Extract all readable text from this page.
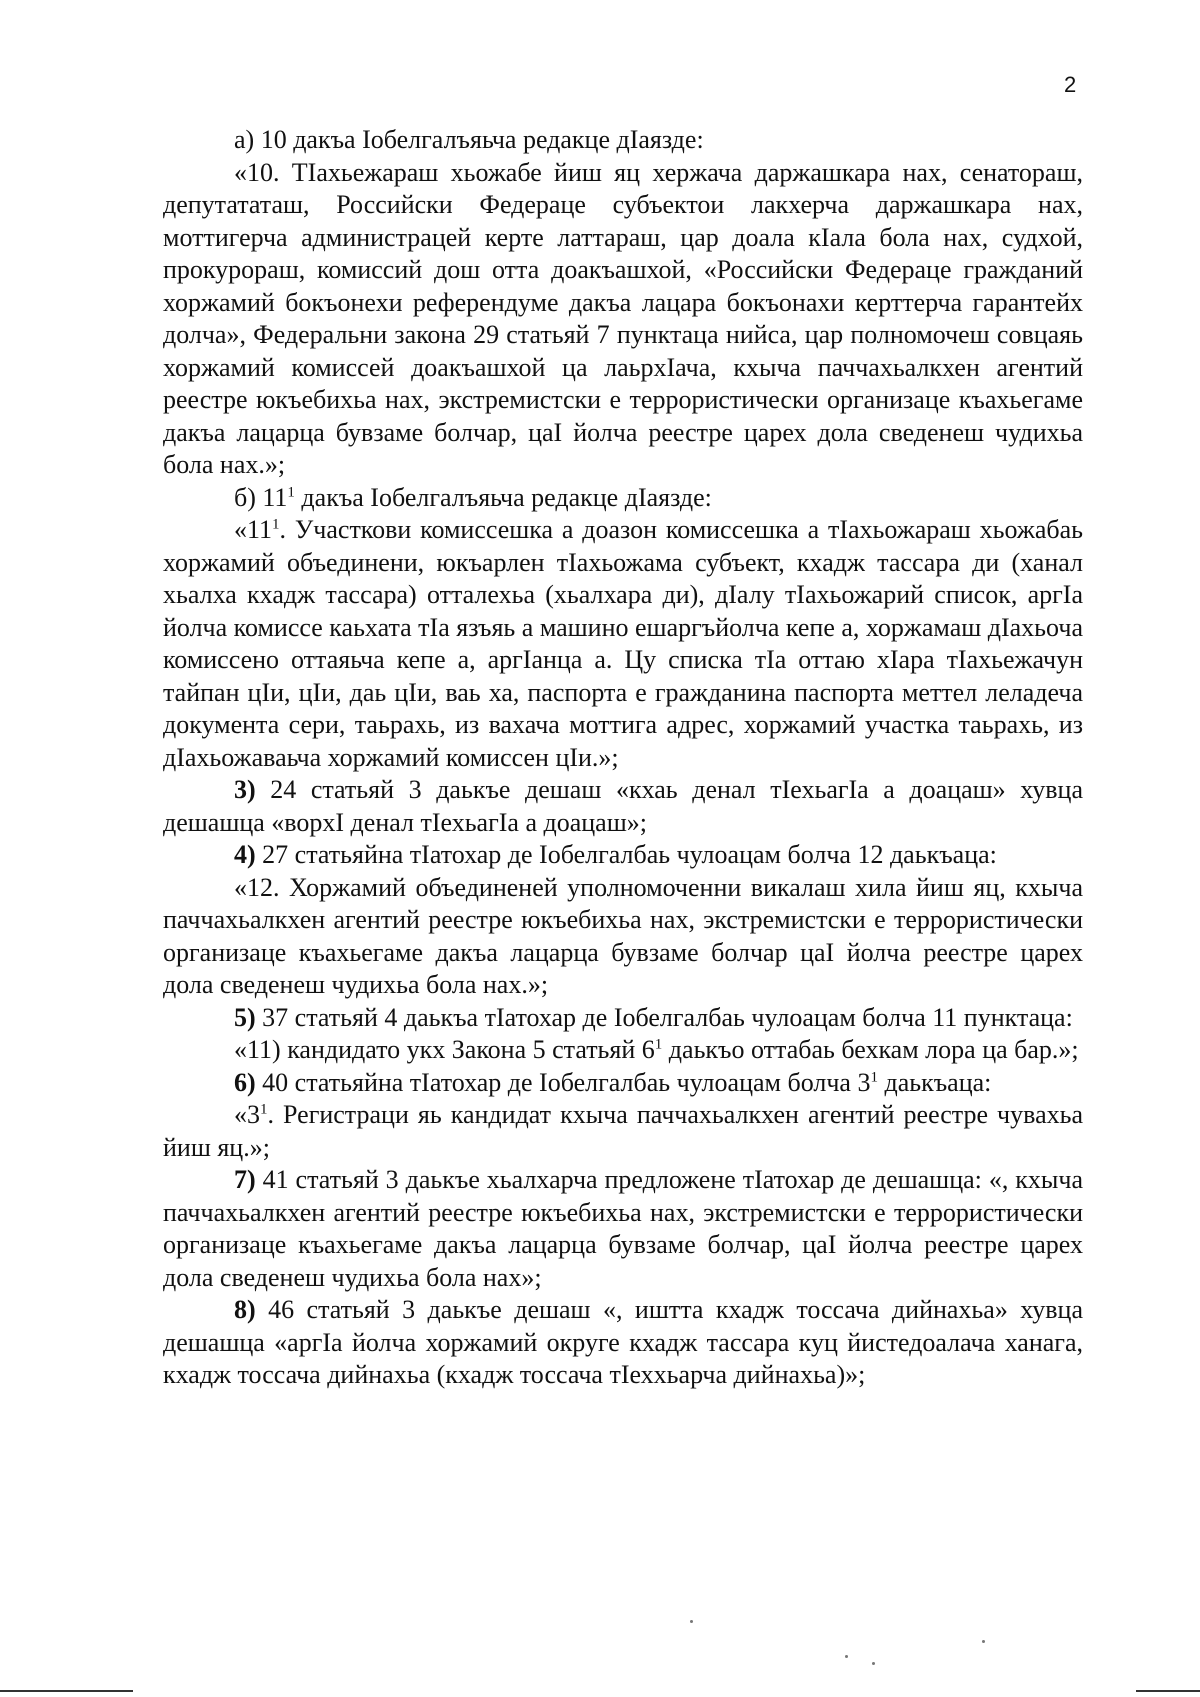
2

а) 10 дакъа Iобелгалъяьча редакце дIаязде:

«10. ТIахьежараш хьожабе йиш яц хержача даржашкара нах, сенатораш, депутататаш, Российски Федераце субъектои лакхерча даржашкара нах, моттигерча администрацей керте латтараш, цар доала кIала бола нах, судхой, прокурораш, комиссий дош отта доакъашхой, «Российски Федераце гражданий хоржамий бокъонехи референдуме дакъа лацара бокъонахи керттерча гарантейх долча», Федеральни закона 29 статьяй 7 пунктаца нийса, цар полномочеш совцаяь хоржамий комиссей доакъашхой ца лаьрхIача, кхыча паччахьалкхен агентий реестре юкъебихьа нах, экстремистски е террористически организаце къахьегаме дакъа лацарца бувзаме болчар, цаI йолча реестре царех дола сведенеш чудихьа бола нах.»;

б) $11^1$ дакъа Iобелгалъяьча редакце дIаязде:

«$11^1$. Участкови комиссешка а доазон комиссешка а тIахьожараш хьожабаь хоржамий объединени, юкъарлен тIахьожама субъект, кхадж тассара ди (ханал хьалха кхадж тассара) отталехьа (хьалхара ди), дIалу тIахьожарий список, аргIа йолча комиссе каьхата тIа язъяь а машино ешаргъйолча кепе а, хоржамаш дIахьоча комиссено оттаяьча кепе а, аргIанца а. Цу списка тIа оттаю хIара тIахьежачун тайпан цIи, цIи, даь цIи, ваь ха, паспорта е гражданина паспорта меттел леладеча документа сери, таьрахь, из вахача моттига адрес, хоржамий участка таьрахь, из дIахьожаваьча хоржамий комиссен цIи.»;

3) 24 статьяй 3 даькъе дешаш «кхаь денал тIехьагIа а доацаш» хувца дешашца «ворхI денал тIехьагIа а доацаш»;

4) 27 статьяйна тIатохар де Iобелгалбаь чулоацам болча 12 даькъаца:

«12. Хоржамий объединеней уполномоченни викалаш хила йиш яц, кхыча паччахьалкхен агентий реестре юкъебихьа нах, экстремистски е террористически организаце къахьегаме дакъа лацарца бувзаме болчар цаI йолча реестре царех дола сведенеш чудихьа бола нах.»;

5) 37 статьяй 4 даькъа тIатохар де Iобелгалбаь чулоацам болча 11 пунктаца:

«11) кандидато укх Закона 5 статьяй $6^1$ даькъо оттабаь бехкам лора ца бар.»;

6) 40 статьяйна тIатохар де Iобелгалбаь чулоацам болча $3^1$ даькъаца:

«$3^1$. Регистраци яь кандидат кхыча паччахьалкхен агентий реестре чувахьа йиш яц.»;

7) 41 статьяй 3 даькъе хьалхарча предложене тIатохар де дешашца: «, кхыча паччахьалкхен агентий реестре юкъебихьа нах, экстремистски е террористически организаце къахьегаме дакъа лацарца бувзаме болчар, цаI йолча реестре царех дола сведенеш чудихьа бола нах»;

8) 46 статьяй 3 даькъе дешаш «, иштта кхадж тоссача дийнахьа» хувца дешашца «аргIа йолча хоржамий округе кхадж тассара куц йистедоалача ханага, кхадж тоссача дийнахьа (кхадж тоссача тIеххьарча дийнахьа)»;
